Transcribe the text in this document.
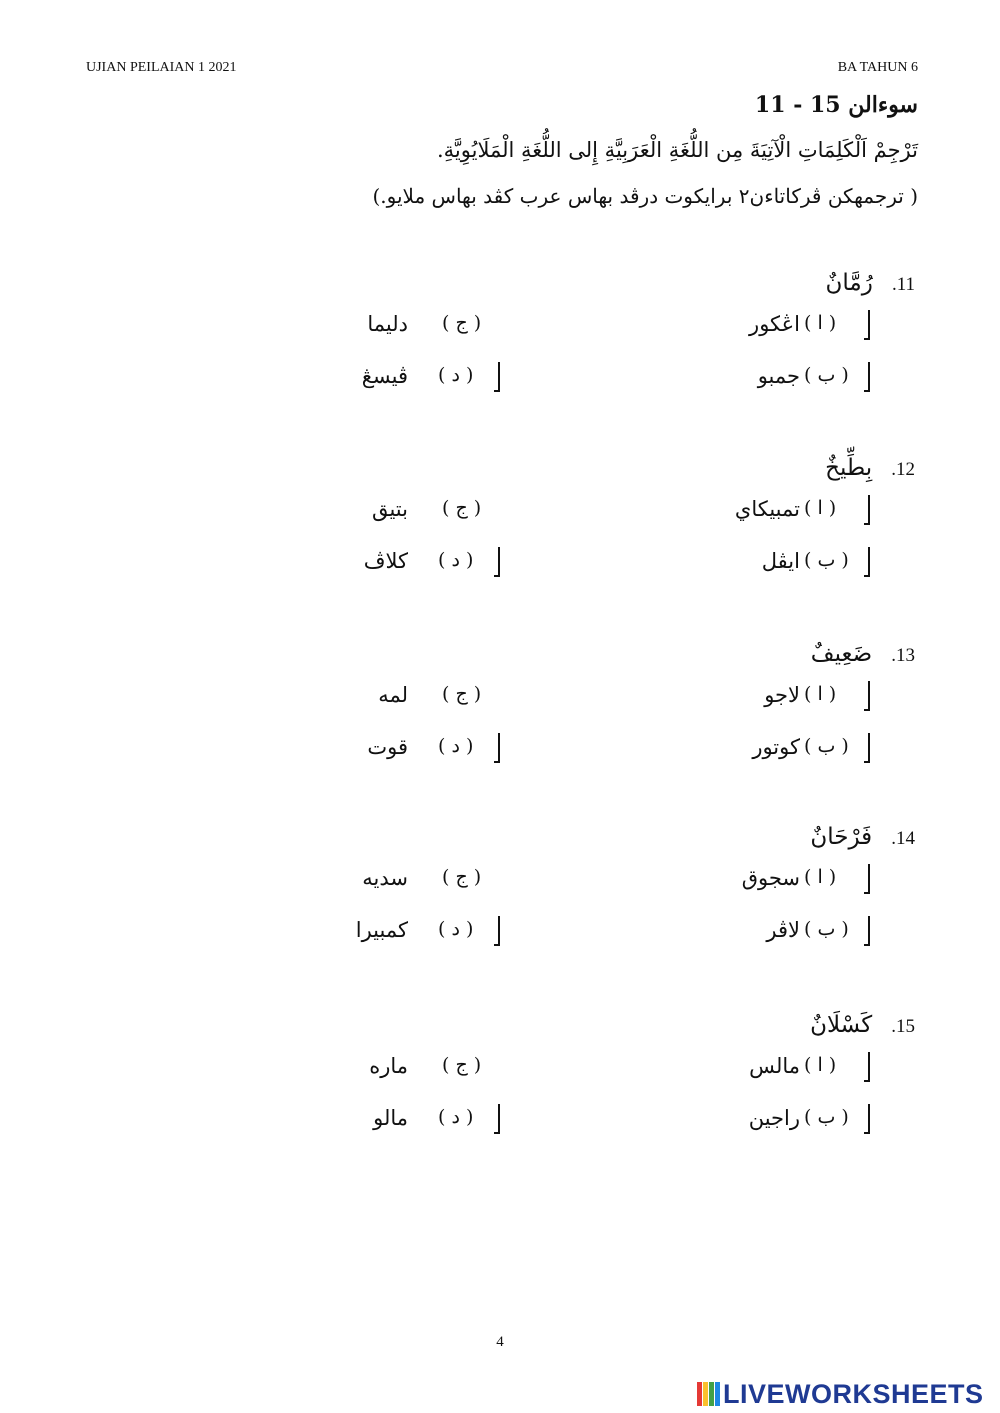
UJIAN PEILAIAN 1 2021	BA TAHUN 6
سوءالن 11 - 15
تَرْجِمْ اَلْكَلِمَاتِ الْآتِيَةَ مِن اللُّغَةِ الْعَرَبِيَّةِ إِلى اللُّغَةِ الْمَلَايُوِيَّةِ.
( ترجمهكن ڤركاتاءن٢ برايكوت درڤد بهاس عرب كڤد بهاس ملايو.)
11. رُمَّانٌ
( ا )
اڠكور
( ب )
جمبو
( ج )
دليما
( د )
ڤيسڠ
12. بِطِّيخٌ
( ا )
تمبيكاي
( ب )
ايڤل
( ج )
بتيق
( د )
كلاڤ
13. ضَعِيفٌ
( ا )
لاجو
( ب )
كوتور
( ج )
لمه
( د )
قوت
14. فَرْحَانٌ
( ا )
سجوق
( ب )
لاڤر
( ج )
سديه
( د )
كمبيرا
15. كَسْلَانٌ
( ا )
مالس
( ب )
راجين
( ج )
ماره
( د )
مالو
4
LIVEWORKSHEETS
